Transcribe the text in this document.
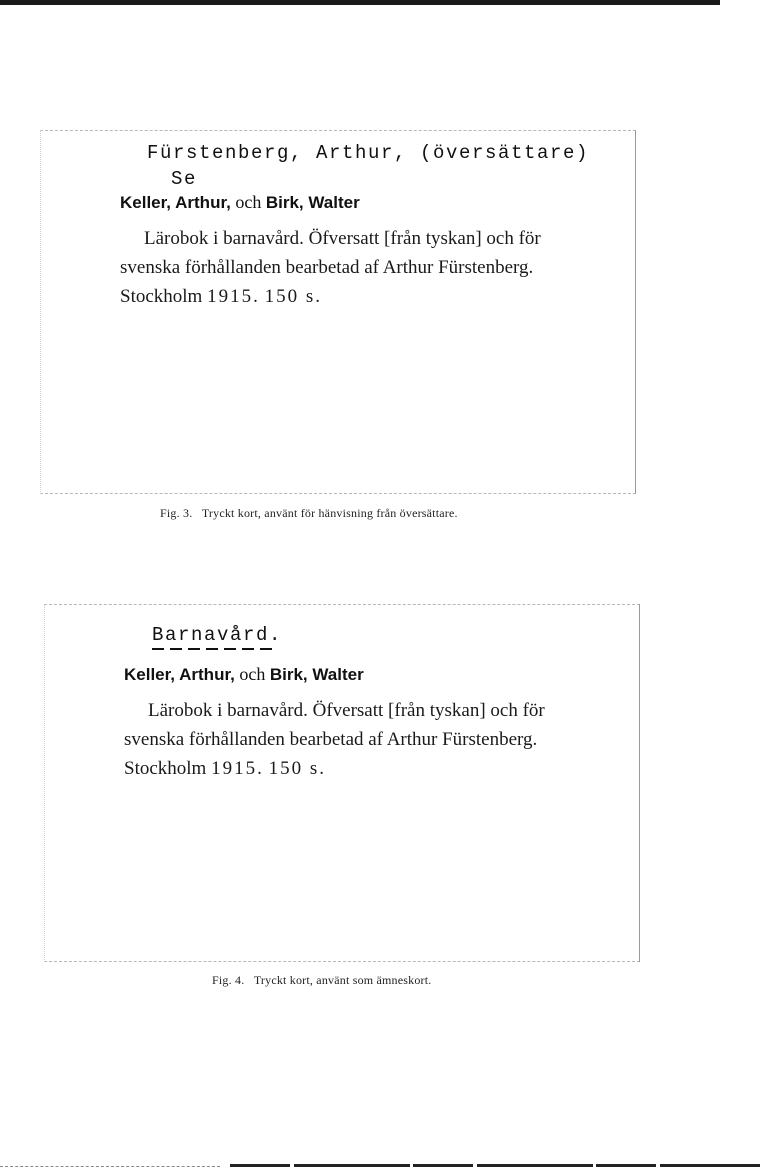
Fürstenberg, Arthur, (översättare)
Se
Keller, Arthur, och Birk, Walter
Lärobok i barnavård. Öfversatt [från tyskan] och för
svenska förhållanden bearbetad af Arthur Fürstenberg.
Stockholm 1915. 150 s.
Fig. 3. Tryckt kort, använt för hänvisning från översättare.
Barnavård.
Keller, Arthur, och Birk, Walter
Lärobok i barnavård. Öfversatt [från tyskan] och för
svenska förhållanden bearbetad af Arthur Fürstenberg.
Stockholm 1915. 150 s.
Fig. 4. Tryckt kort, använt som ämneskort.
